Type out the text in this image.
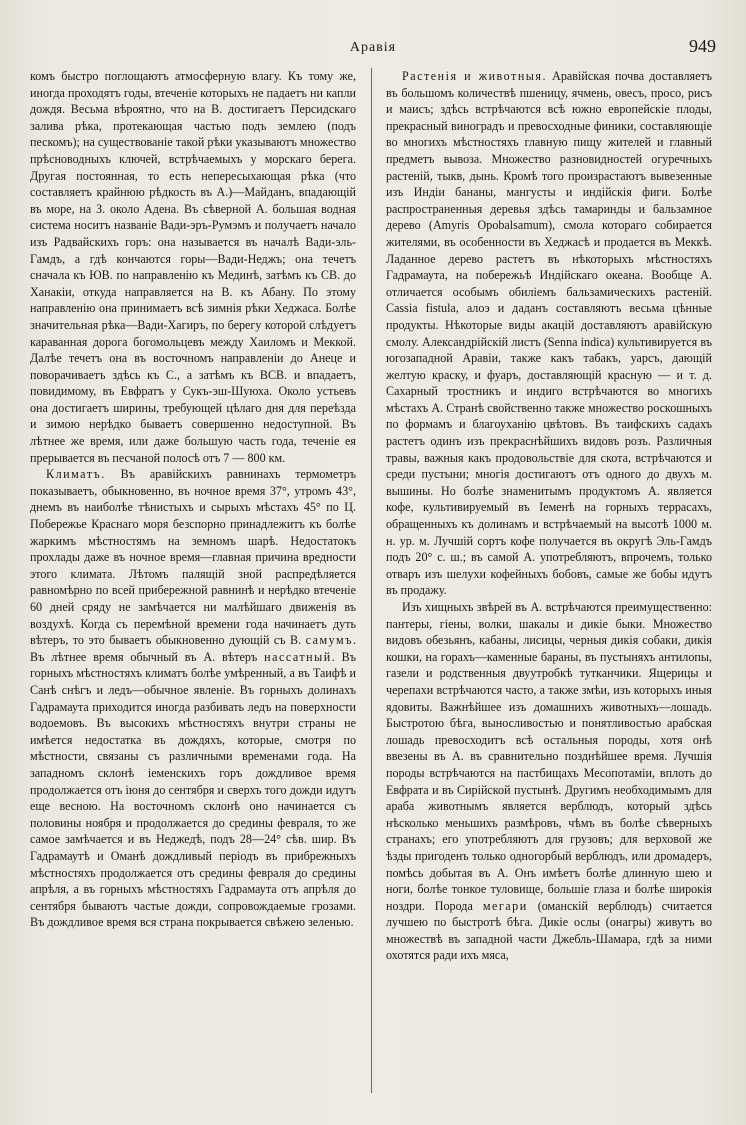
Аравія	949

комъ быстро поглощаютъ атмосферную влагу. Къ тому же, иногда проходятъ годы, втеченіе которыхъ не падаетъ ни капли дождя. Весьма вѣроятно, что на В. достигаетъ Персидскаго залива рѣка, протекающая частью подъ землею (подъ пескомъ); на существованіе такой рѣки указываютъ множество прѣсноводныхъ ключей, встрѣчаемыхъ у морскаго берега. Другая постоянная, то есть непересыхающая рѣка (что составляетъ крайнюю рѣдкость въ А.)—Майданъ, впадающій въ море, на З. около Адена. Въ сѣверной А. большая водная система носитъ названіе Вади-эръ-Румэмъ и получаетъ начало изъ Радвайскихъ горъ: она называется въ началѣ Вади-эль-Гамдъ, а гдѣ кончаются горы—Вади-Неджъ; она течетъ сначала къ ЮВ. по направленію къ Мединѣ, затѣмъ къ СВ. до Ханакіи, откуда направляется на В. къ Абану. По этому направленію она принимаетъ всѣ зимнія рѣки Хеджаса. Болѣе значительная рѣка—Вади-Хагиръ, по берегу которой слѣдуетъ караванная дорога богомольцевъ между Хаиломъ и Меккой. Далѣе течетъ она въ восточномъ направленіи до Анеце и поворачиваетъ здѣсь къ С., а затѣмъ къ ВСВ. и впадаетъ, повидимому, въ Евфратъ у Сукъ-эш-Шуюха. Около устьевъ она достигаетъ ширины, требующей цѣлаго дня для переѣзда и зимою нерѣдко бываетъ совершенно недоступной. Въ лѣтнее же время, или даже большую часть года, теченіе ея прерывается въ песчаной полосѣ отъ 7 — 800 км.

Климатъ. Въ аравійскихъ равнинахъ термометръ показываетъ, обыкновенно, въ ночное время 37°, утромъ 43°, днемъ въ наиболѣе тѣнистыхъ и сырыхъ мѣстахъ 45° по Ц. Побережье Краснаго моря безспорно принадлежитъ къ болѣе жаркимъ мѣстностямъ на земномъ шарѣ. Недостатокъ прохлады даже въ ночное время—главная причина вредности этого климата. Лѣтомъ палящій зной распредѣляется равномѣрно по всей прибережной равнинѣ и нерѣдко втеченіе 60 дней сряду не замѣчается ни малѣйшаго движенія въ воздухѣ. Когда съ перемѣной времени года начинаетъ дуть вѣтеръ, то это бываетъ обыкновенно дующій съ В. самумъ. Въ лѣтнее время обычный въ А. вѣтеръ нассатный. Въ горныхъ мѣстностяхъ климатъ болѣе умѣренный, а въ Таифѣ и Санѣ снѣгъ и ледъ—обычное явленіе. Въ горныхъ долинахъ Гадрамаута приходится иногда разбивать ледъ на поверхности водоемовъ. Въ высокихъ мѣстностяхъ внутри страны не имѣется недостатка въ дождяхъ, которые, смотря по мѣстности, связаны съ различными временами года. На западномъ склонѣ іеменскихъ горъ дождливое время продолжается отъ іюня до сентября и сверхъ того дожди идутъ еще весною. На восточномъ склонѣ оно начинается съ половины ноября и продолжается до средины февраля, то же самое замѣчается и въ Неджедѣ, подъ 28—24° сѣв. шир. Въ Гадрамаутѣ и Оманѣ дождливый періодъ въ прибрежныхъ мѣстностяхъ продолжается отъ средины февраля до средины апрѣля, а въ горныхъ мѣстностяхъ Гадрамаута отъ апрѣля до сентября бываютъ частые дожди, сопровождаемые грозами. Въ дождливое время вся страна покрывается свѣжею зеленью.

Растенія и животныя. Аравійская почва доставляетъ въ большомъ количествѣ пшеницу, ячмень, овесъ, просо, рисъ и маисъ; здѣсь встрѣчаются всѣ южно европейскіе плоды, прекрасный виноградъ и превосходные финики, составляющіе во многихъ мѣстностяхъ главную пищу жителей и главный предметъ вывоза. Множество разновидностей огуречныхъ растеній, тыкв, дынь. Кромѣ того произрастаютъ вывезенные изъ Индіи бананы, мангусты и индійскія фиги. Болѣе распространенныя деревья здѣсь тамаринды и бальзамное дерево (Amyris Opobalsamum), смола котораго собирается жителями, въ особенности въ Хеджасѣ и продается въ Меккѣ. Ладанное дерево растетъ въ нѣкоторыхъ мѣстностяхъ Гадрамаута, на побережьѣ Индійскаго океана. Вообще А. отличается особымъ обиліемъ бальзамическихъ растеній. Cassia fistula, алоэ и даданъ составляютъ весьма цѣнные продукты. Нѣкоторые виды акацій доставляютъ аравійскую смолу. Александрійскій листъ (Senna indica) культивируется въ югозападной Аравіи, также какъ табакъ, уарсъ, дающій желтую краску, и фуаръ, доставляющій красную — и т. д. Сахарный тростникъ и индиго встрѣчаются во многихъ мѣстахъ А. Странѣ свойственно также множество роскошныхъ по формамъ и благоуханію цвѣтовъ. Въ таифскихъ садахъ растетъ одинъ изъ прекраснѣйшихъ видовъ розъ. Различныя травы, важныя какъ продовольствіе для скота, встрѣчаются и среди пустыни; многія достигаютъ отъ одного до двухъ м. вышины. Но болѣе знаменитымъ продуктомъ А. является кофе, культивируемый въ Іеменѣ на горныхъ террасахъ, обращенныхъ къ долинамъ и встрѣчаемый на высотѣ 1000 м. н. ур. м. Лучшій сортъ кофе получается въ округѣ Эль-Гамдъ подъ 20° с. ш.; въ самой А. употребляютъ, впрочемъ, только отваръ изъ шелухи кофейныхъ бобовъ, самые же бобы идутъ въ продажу.

Изъ хищныхъ звѣрей въ А. встрѣчаются преимущественно: пантеры, гіены, волки, шакалы и дикіе быки. Множество видовъ обезьянъ, кабаны, лисицы, черныя дикія собаки, дикія кошки, на горахъ—каменные бараны, въ пустыняхъ антилопы, газели и родственныя двуутробкѣ тутканчики. Ящерицы и черепахи встрѣчаются часто, а также змѣи, изъ которыхъ иныя ядовиты. Важнѣйшее изъ домашнихъ животныхъ—лошадь. Быстротою бѣга, выносливостью и понятливостью арабская лошадь превосходитъ всѣ остальныя породы, хотя онѣ ввезены въ А. въ сравнительно позднѣйшее время. Лучшія породы встрѣчаются на пастбищахъ Месопотаміи, вплоть до Евфрата и въ Сирійской пустынѣ. Другимъ необходимымъ для араба животнымъ является верблюдъ, который здѣсь нѣсколько меньшихъ размѣровъ, чѣмъ въ болѣе сѣверныхъ странахъ; его употребляютъ для грузовъ; для верховой же ѣзды пригоденъ только одногорбый верблюдъ, или дромадеръ, помѣсь добытая въ А. Онъ имѣетъ болѣе длинную шею и ноги, болѣе тонкое туловище, большіе глаза и болѣе широкія ноздри. Порода мегари (оманскій верблюдъ) считается лучшею по быстротѣ бѣга. Дикіе ослы (онагры) живутъ во множествѣ въ западной части Джебль-Шамара, гдѣ за ними охотятся ради ихъ мяса,
